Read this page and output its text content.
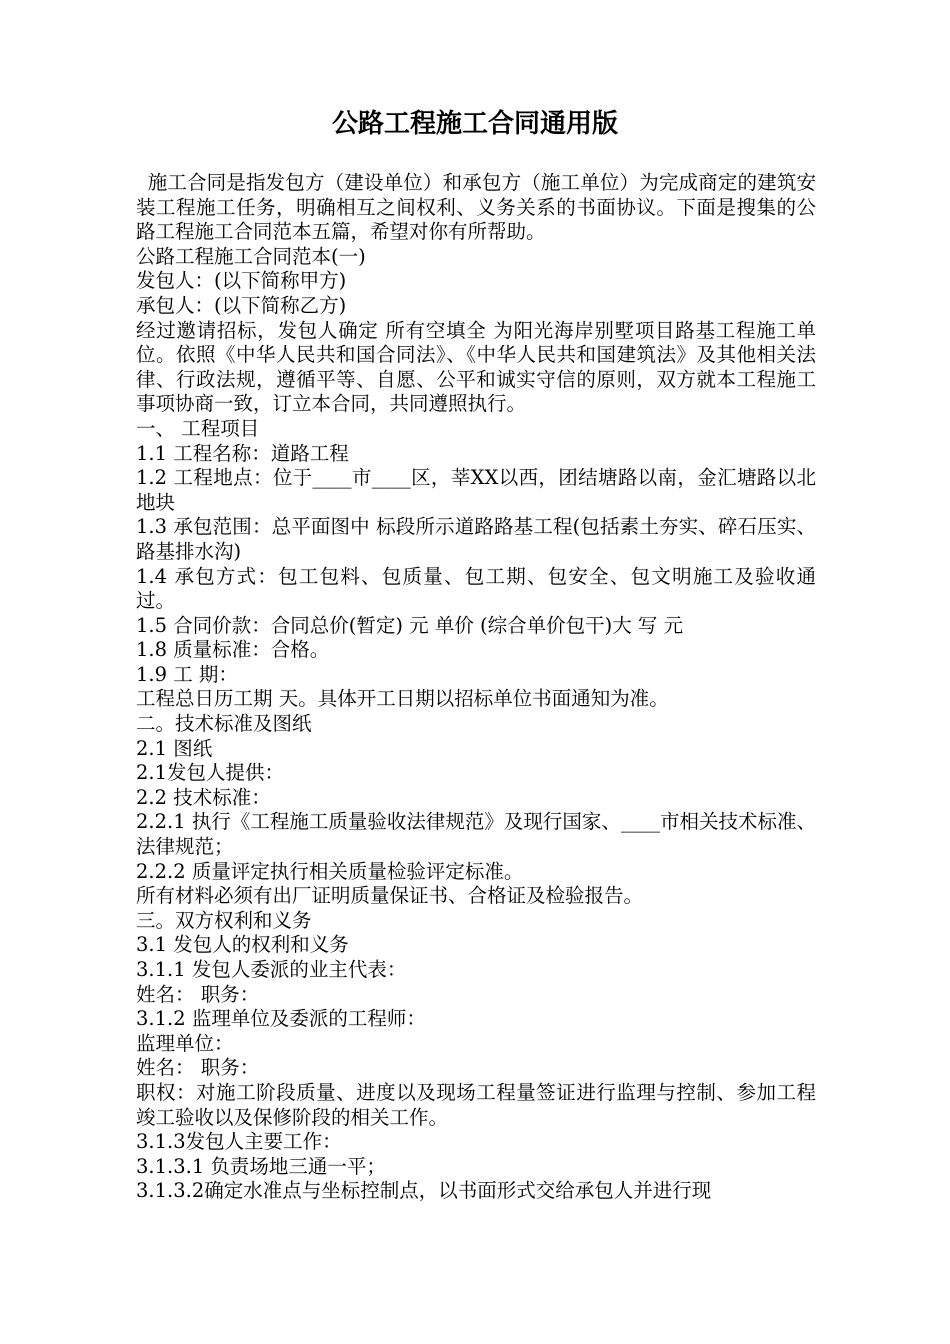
公路工程施工合同通用版

施工合同是指发包方（建设单位）和承包方（施工单位）为完成商定的建筑安装工程施工任务，明确相互之间权利、义务关系的书面协议。下面是搜集的公路工程施工合同范本五篇，希望对你有所帮助。

公路工程施工合同范本(一)

发包人：(以下简称甲方)

承包人：(以下简称乙方)

经过邀请招标，发包人确定 所有空填全 为阳光海岸别墅项目路基工程施工单位。依照《中华人民共和国合同法》、《中华人民共和国建筑法》及其他相关法律、行政法规，遵循平等、自愿、公平和诚实守信的原则，双方就本工程施工事项协商一致，订立本合同，共同遵照执行。

一、 工程项目

1.1 工程名称：道路工程

1.2 工程地点：位于____市____区，莘XX以西，团结塘路以南，金汇塘路以北地块

1.3 承包范围：总平面图中 标段所示道路路基工程(包括素土夯实、碎石压实、路基排水沟)

1.4 承包方式：包工包料、包质量、包工期、包安全、包文明施工及验收通过。

1.5 合同价款：合同总价(暂定) 元 单价 (综合单价包干)大 写 元

1.8 质量标准：合格。

1.9 工 期：

工程总日历工期 天。具体开工日期以招标单位书面通知为准。

二。技术标准及图纸

2.1 图纸

2.1发包人提供：

2.2 技术标准：

2.2.1 执行《工程施工质量验收法律规范》及现行国家、____市相关技术标准、法律规范；

2.2.2 质量评定执行相关质量检验评定标准。

所有材料必须有出厂证明质量保证书、合格证及检验报告。

三。双方权利和义务

3.1 发包人的权利和义务

3.1.1 发包人委派的业主代表：

姓名： 职务：

3.1.2 监理单位及委派的工程师：

监理单位：

姓名： 职务：

职权：对施工阶段质量、进度以及现场工程量签证进行监理与控制、参加工程竣工验收以及保修阶段的相关工作。

3.1.3发包人主要工作：

3.1.3.1 负责场地三通一平；

3.1.3.2确定水准点与坐标控制点，以书面形式交给承包人并进行现
